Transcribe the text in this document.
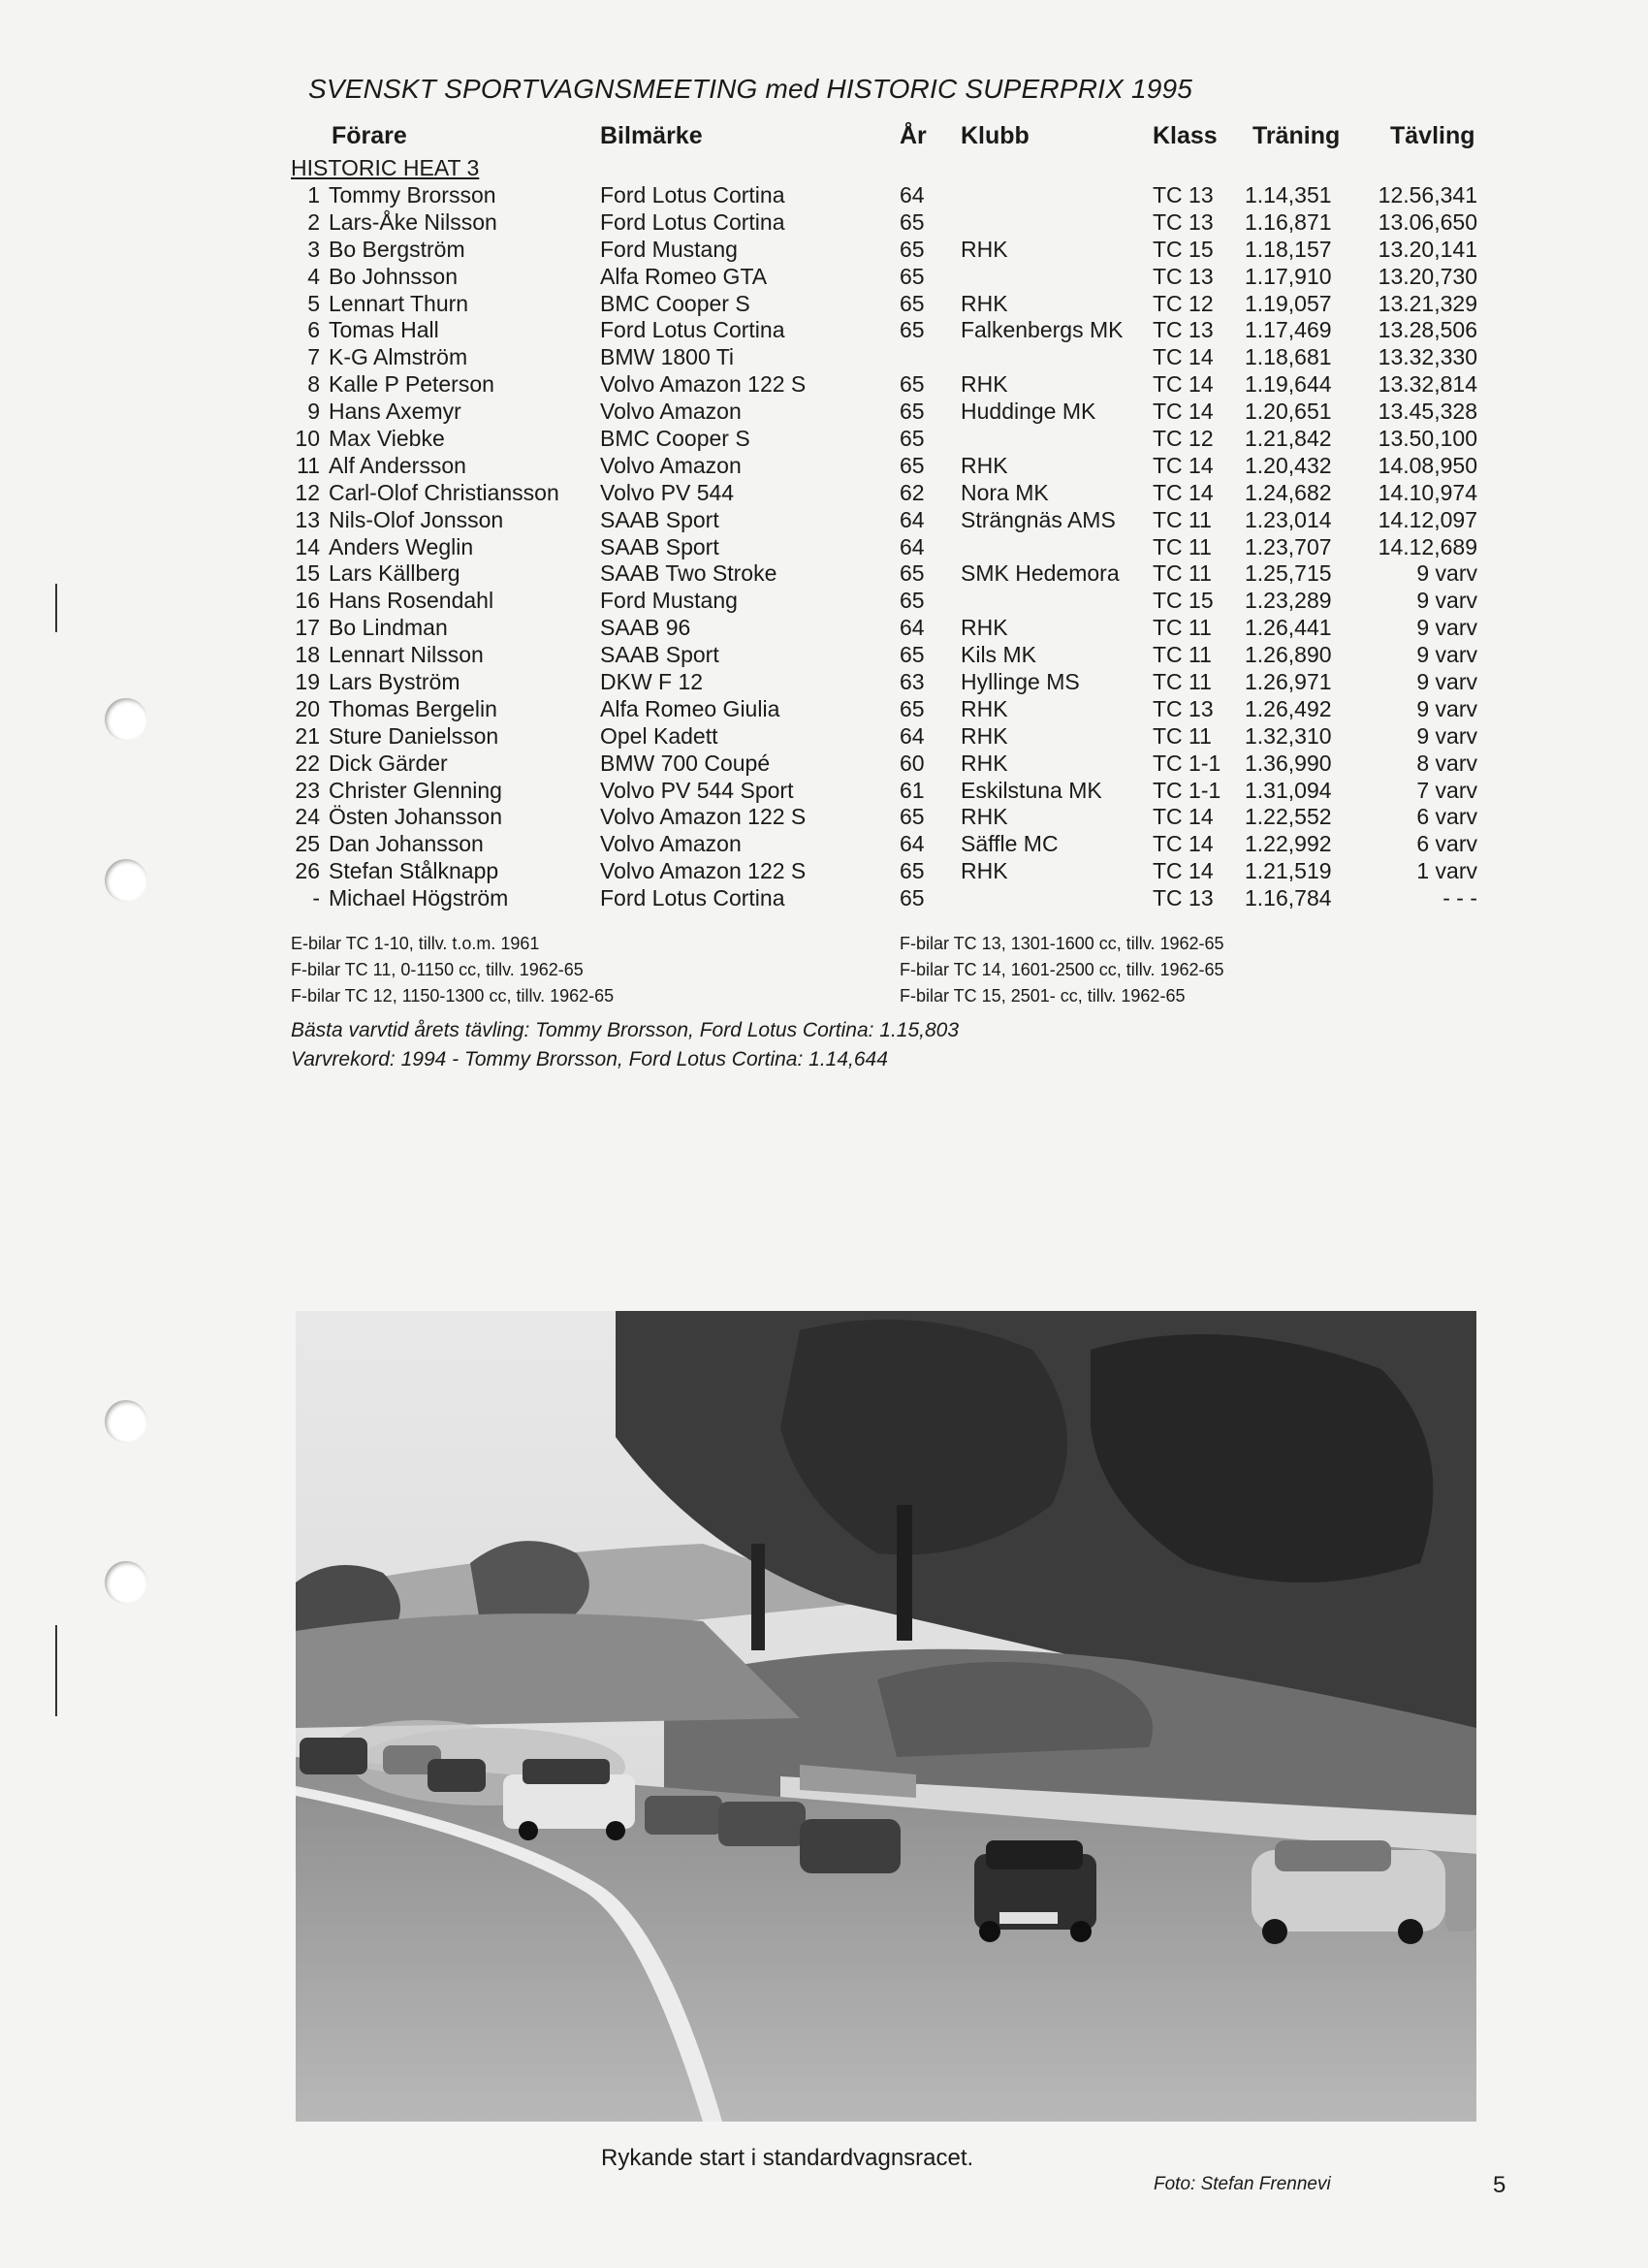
SVENSKT SPORTVAGNSMEETING med HISTORIC SUPERPRIX 1995
Förare	Bilmärke	År Klubb	Klass Träning Tävling
HISTORIC HEAT 3
1 Tommy Brorsson	Ford Lotus Cortina	64	TC 13 1.14,351	12.56,341
2 Lars-Åke Nilsson	Ford Lotus Cortina	65	TC 13 1.16,871	13.06,650
3 Bo Bergström	Ford Mustang	65 RHK	TC 15 1.18,157	13.20,141
4 Bo Johnsson	Alfa Romeo GTA	65	TC 13 1.17,910	13.20,730
5 Lennart Thurn	BMC Cooper S	65 RHK	TC 12 1.19,057	13.21,329
6 Tomas Hall	Ford Lotus Cortina	65 Falkenbergs MK TC 13 1.17,469	13.28,506
7 K-G Almström	BMW 1800 Ti	TC 14 1.18,681	13.32,330
8 Kalle P Peterson	Volvo Amazon 122 S	65 RHK	TC 14 1.19,644	13.32,814
9 Hans Axemyr	Volvo Amazon	65 Huddinge MK	TC 14 1.20,651	13.45,328
10 Max Viebke	BMC Cooper S	65	TC 12 1.21,842	13.50,100
11 Alf Andersson	Volvo Amazon	65 RHK	TC 14 1.20,432	14.08,950
12 Carl-Olof Christiansson Volvo PV 544	62 Nora MK	TC 14 1.24,682	14.10,974
13 Nils-Olof Jonsson	SAAB Sport	64 Strängnäs AMS TC 11 1.23,014	14.12,097
14 Anders Weglin	SAAB Sport	64	TC 11 1.23,707	14.12,689
15 Lars Källberg	SAAB Two Stroke	65 SMK Hedemora TC 11 1.25,715	9 varv
16 Hans Rosendahl	Ford Mustang	65	TC 15 1.23,289	9 varv
17 Bo Lindman	SAAB 96	64 RHK	TC 11 1.26,441	9 varv
18 Lennart Nilsson	SAAB Sport	65 Kils MK	TC 11 1.26,890	9 varv
19 Lars Byström	DKW F 12	63 Hyllinge MS	TC 11 1.26,971	9 varv
20 Thomas Bergelin	Alfa Romeo Giulia	65 RHK	TC 13 1.26,492	9 varv
21 Sture Danielsson	Opel Kadett	64 RHK	TC 11 1.32,310	9 varv
22 Dick Gärder	BMW 700 Coupé	60 RHK	TC 1-1 1.36,990	8 varv
23 Christer Glenning	Volvo PV 544 Sport	61 Eskilstuna MK TC 1-1 1.31,094	7 varv
24 Östen Johansson	Volvo Amazon 122 S	65 RHK	TC 14 1.22,552	6 varv
25 Dan Johansson	Volvo Amazon	64 Säffle MC	TC 14 1.22,992	6 varv
26 Stefan Stålknapp	Volvo Amazon 122 S	65 RHK	TC 14 1.21,519	1 varv
- Michael Högström	Ford Lotus Cortina	65	TC 13 1.16,784	- - -
E-bilar TC 1-10, tillv. t.o.m. 1961
F-bilar TC 11, 0-1150 cc, tillv. 1962-65
F-bilar TC 12, 1150-1300 cc, tillv. 1962-65
F-bilar TC 13, 1301-1600 cc, tillv. 1962-65
F-bilar TC 14, 1601-2500 cc, tillv. 1962-65
F-bilar TC 15, 2501- cc, tillv. 1962-65
Bästa varvtid årets tävling: Tommy Brorsson, Ford Lotus Cortina: 1.15,803
Varvrekord: 1994 - Tommy Brorsson, Ford Lotus Cortina: 1.14,644
Rykande start i standardvagnsracet.
Foto: Stefan Frennevi	5
